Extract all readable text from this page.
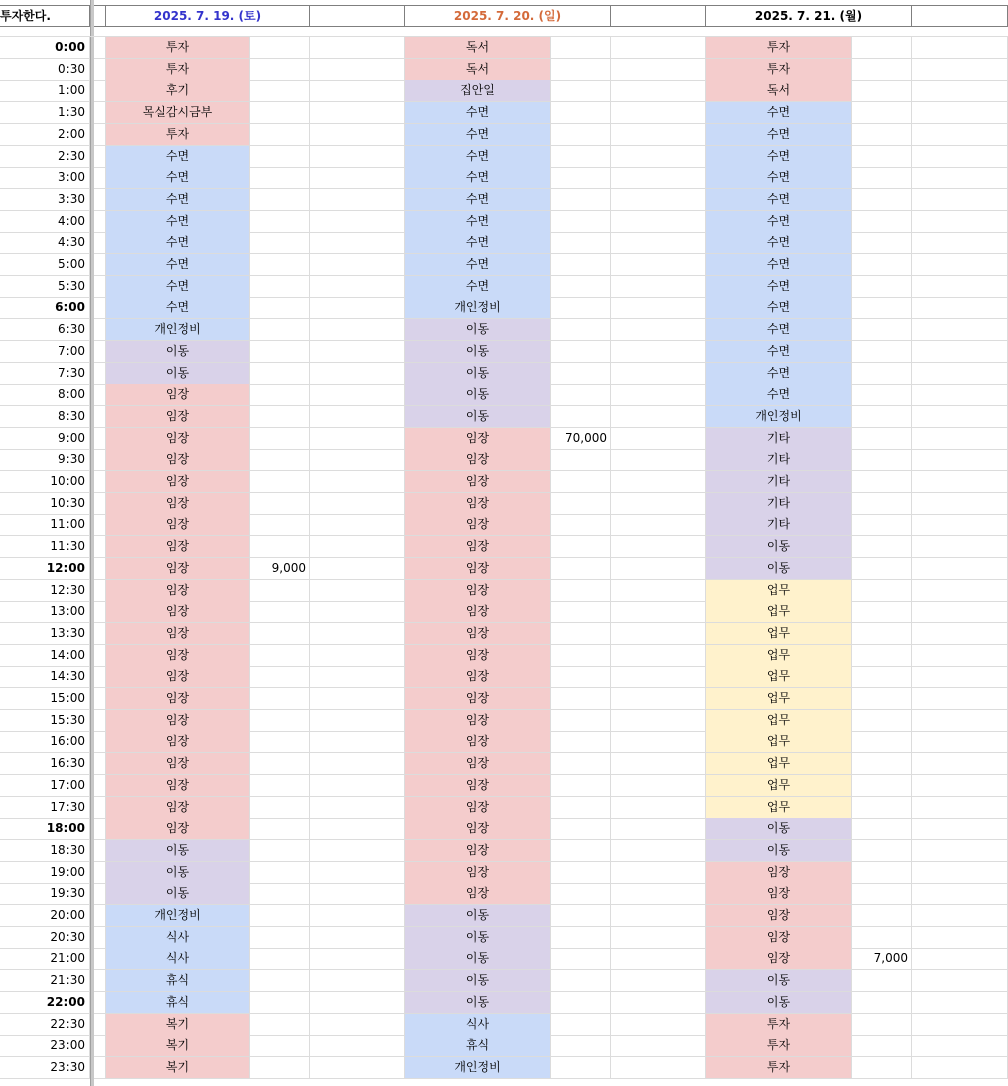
투자한다.	2025. 7. 19. (토)	2025. 7. 20. (일)	2025. 7. 21. (월)
0:00	투자	독서	투자
0:30	투자	독서	투자
1:00	후기	집안일	독서
1:30	목실감시금부	수면	수면
2:00	투자	수면	수면
2:30	수면	수면	수면
3:00	수면	수면	수면
3:30	수면	수면	수면
4:00	수면	수면	수면
4:30	수면	수면	수면
5:00	수면	수면	수면
5:30	수면	수면	수면
6:00	수면	개인정비	수면
6:30	개인정비	이동	수면
7:00	이동	이동	수면
7:30	이동	이동	수면
8:00	임장	이동	수면
8:30	임장	이동	개인정비
9:00	임장	임장	70,000	기타
9:30	임장	임장	기타
10:00	임장	임장	기타
10:30	임장	임장	기타
11:00	임장	임장	기타
11:30	임장	임장	이동
12:00	임장	9,000	임장	이동
12:30	임장	임장	업무
13:00	임장	임장	업무
13:30	임장	임장	업무
14:00	임장	임장	업무
14:30	임장	임장	업무
15:00	임장	임장	업무
15:30	임장	임장	업무
16:00	임장	임장	업무
16:30	임장	임장	업무
17:00	임장	임장	업무
17:30	임장	임장	업무
18:00	임장	임장	이동
18:30	이동	임장	이동
19:00	이동	임장	임장
19:30	이동	임장	임장
20:00	개인정비	이동	임장
20:30	식사	이동	임장
21:00	식사	이동	임장	7,000
21:30	휴식	이동	이동
22:00	휴식	이동	이동
22:30	복기	식사	투자
23:00	복기	휴식	투자
23:30	복기	개인정비	투자
